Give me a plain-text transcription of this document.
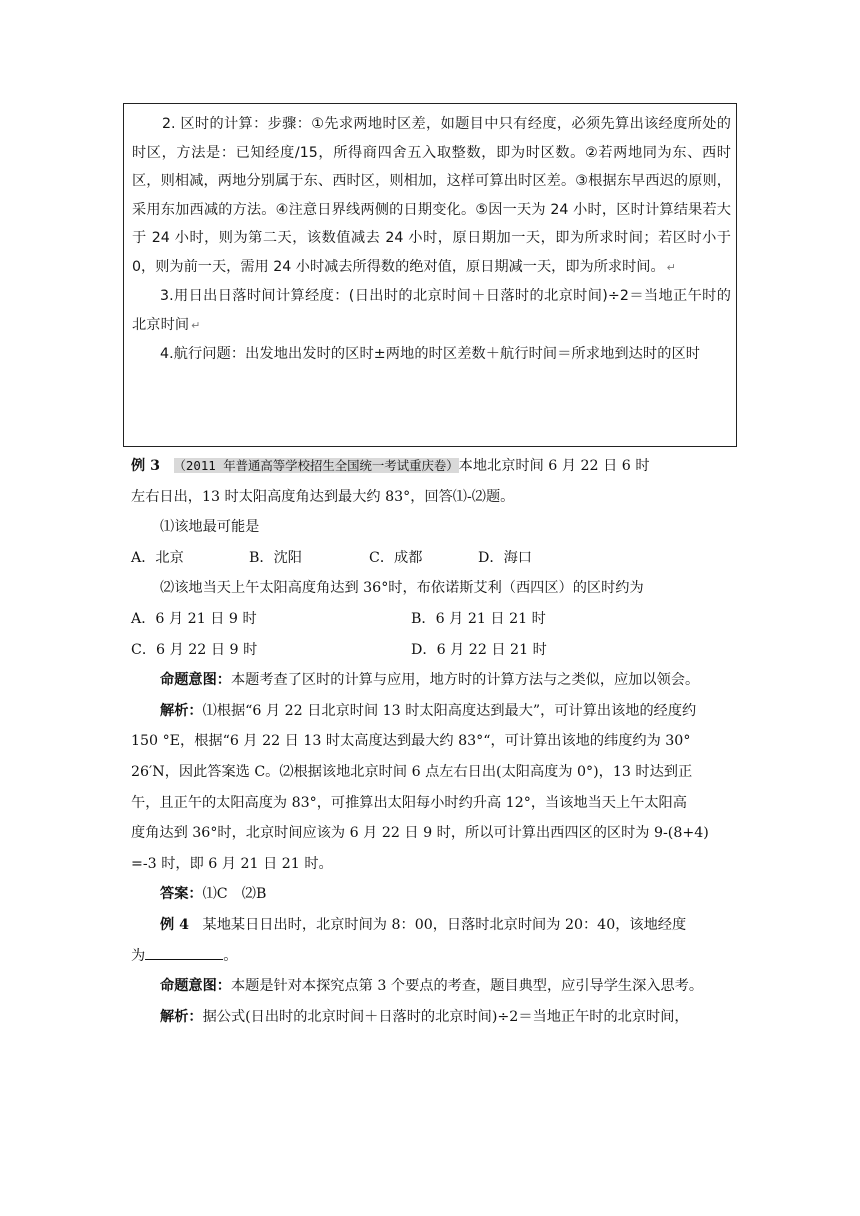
2. 区时的计算：步骤：①先求两地时区差，如题目中只有经度，必须先算出该经度所处的时区，方法是：已知经度/15，所得商四舍五入取整数，即为时区数。②若两地同为东、西时区，则相减，两地分别属于东、西时区，则相加，这样可算出时区差。③根据东早西迟的原则，采用东加西减的方法。④注意日界线两侧的日期变化。⑤因一天为 24 小时，区时计算结果若大于 24 小时，则为第二天，该数值减去 24 小时，原日期加一天，即为所求时间；若区时小于 0，则为前一天，需用 24 小时减去所得数的绝对值，原日期减一天，即为所求时间。 ↵

3.用日出日落时间计算经度：(日出时的北京时间＋日落时的北京时间)÷2＝当地正午时的北京时间 ↵

4.航行问题：出发地出发时的区时±两地的时区差数＋航行时间＝所求地到达时的区时

例 3 （2011 年普通高等学校招生全国统一考试重庆卷）本地北京时间 6 月 22 日 6 时

左右日出，13 时太阳高度角达到最大约 83°，回答⑴-⑵题。

⑴该地最可能是

A．北京	B．沈阳	C．成都	D．海口

⑵该地当天上午太阳高度角达到 36°时，布依诺斯艾利（西四区）的区时约为

A．6 月 21 日 9 时	B．6 月 21 日 21 时

C．6 月 22 日 9 时	D．6 月 22 日 21 时

命题意图：本题考查了区时的计算与应用，地方时的计算方法与之类似，应加以领会。

解析：⑴根据“6 月 22 日北京时间 13 时太阳高度达到最大”，可计算出该地的经度约

150 °E，根据“6 月 22 日 13 时太高度达到最大约 83°“，可计算出该地的纬度约为 30°

26′N，因此答案选 C。⑵根据该地北京时间 6 点左右日出(太阳高度为 0°)，13 时达到正

午，且正午的太阳高度为 83°，可推算出太阳每小时约升高 12°，当该地当天上午太阳高

度角达到 36°时，北京时间应该为 6 月 22 日 9 时，所以可计算出西四区的区时为 9-(8+4)

=-3 时，即 6 月 21 日 21 时。

答案：⑴C　⑵B

例 4 某地某日日出时，北京时间为 8：00，日落时北京时间为 20：40，该地经度

为	。

命题意图：本题是针对本探究点第 3 个要点的考查，题目典型，应引导学生深入思考。

解析：据公式(日出时的北京时间＋日落时的北京时间)÷2＝当地正午时的北京时间，
